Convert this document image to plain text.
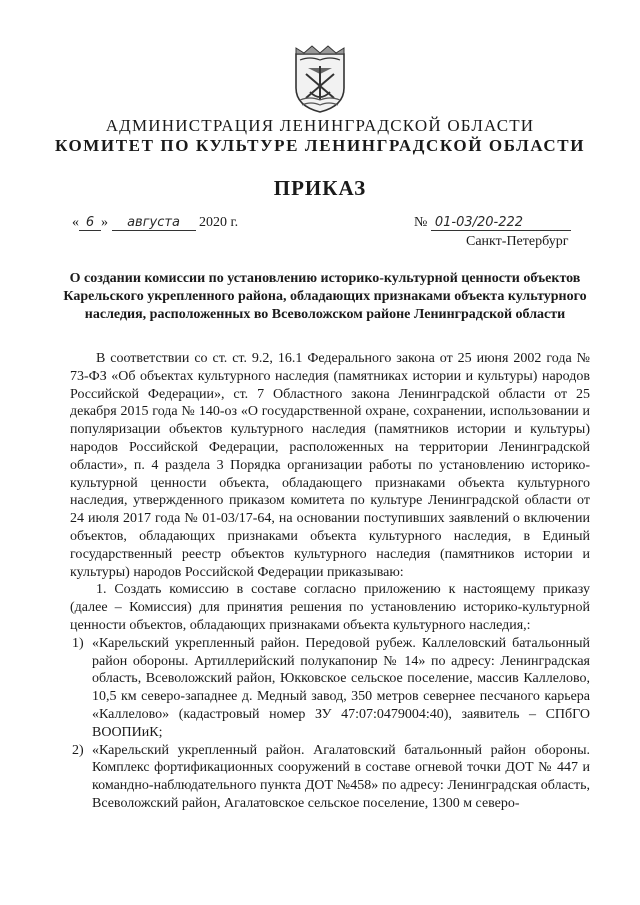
АДМИНИСТРАЦИЯ ЛЕНИНГРАДСКОЙ ОБЛАСТИ
КОМИТЕТ ПО КУЛЬТУРЕ ЛЕНИНГРАДСКОЙ ОБЛАСТИ
ПРИКАЗ
« 6 » августа 2020 г.	№ 01-03/20-222
Санкт-Петербург
О создании комиссии по установлению историко-культурной ценности объектов Карельского укрепленного района, обладающих признаками объекта культурного наследия, расположенных во Всеволожском районе Ленинградской области

В соответствии со ст. ст. 9.2, 16.1 Федерального закона от 25 июня 2002 года № 73-ФЗ «Об объектах культурного наследия (памятниках истории и культуры) народов Российской Федерации», ст. 7 Областного закона Ленинградской области от 25 декабря 2015 года № 140-оз «О государственной охране, сохранении, использовании и популяризации объектов культурного наследия (памятников истории и культуры) народов Российской Федерации, расположенных на территории Ленинградской области», п. 4 раздела 3 Порядка организации работы по установлению историко-культурной ценности объекта, обладающего признаками объекта культурного наследия, утвержденного приказом комитета по культуре Ленинградской области от 24 июля 2017 года № 01-03/17-64, на основании поступивших заявлений о включении объектов, обладающих признаками объекта культурного наследия, в Единый государственный реестр объектов культурного наследия (памятников истории и культуры) народов Российской Федерации приказываю:

1. Создать комиссию в составе согласно приложению к настоящему приказу (далее – Комиссия) для принятия решения по установлению историко-культурной ценности объектов, обладающих признаками объекта культурного наследия,:

1) «Карельский укрепленный район. Передовой рубеж. Каллеловский батальонный район обороны. Артиллерийский полукапонир № 14» по адресу: Ленинградская область, Всеволожский район, Юкковское сельское поселение, массив Каллелово, 10,5 км северо-западнее д. Медный завод, 350 метров севернее песчаного карьера «Каллелово» (кадастровый номер ЗУ 47:07:0479004:40), заявитель – СПбГО ВООПИиК;
2) «Карельский укрепленный район. Агалатовский батальонный район обороны. Комплекс фортификационных сооружений в составе огневой точки ДОТ № 447 и командно-наблюдательного пункта ДОТ №458» по адресу: Ленинградская область, Всеволожский район, Агалатовское сельское поселение, 1300 м северо-
